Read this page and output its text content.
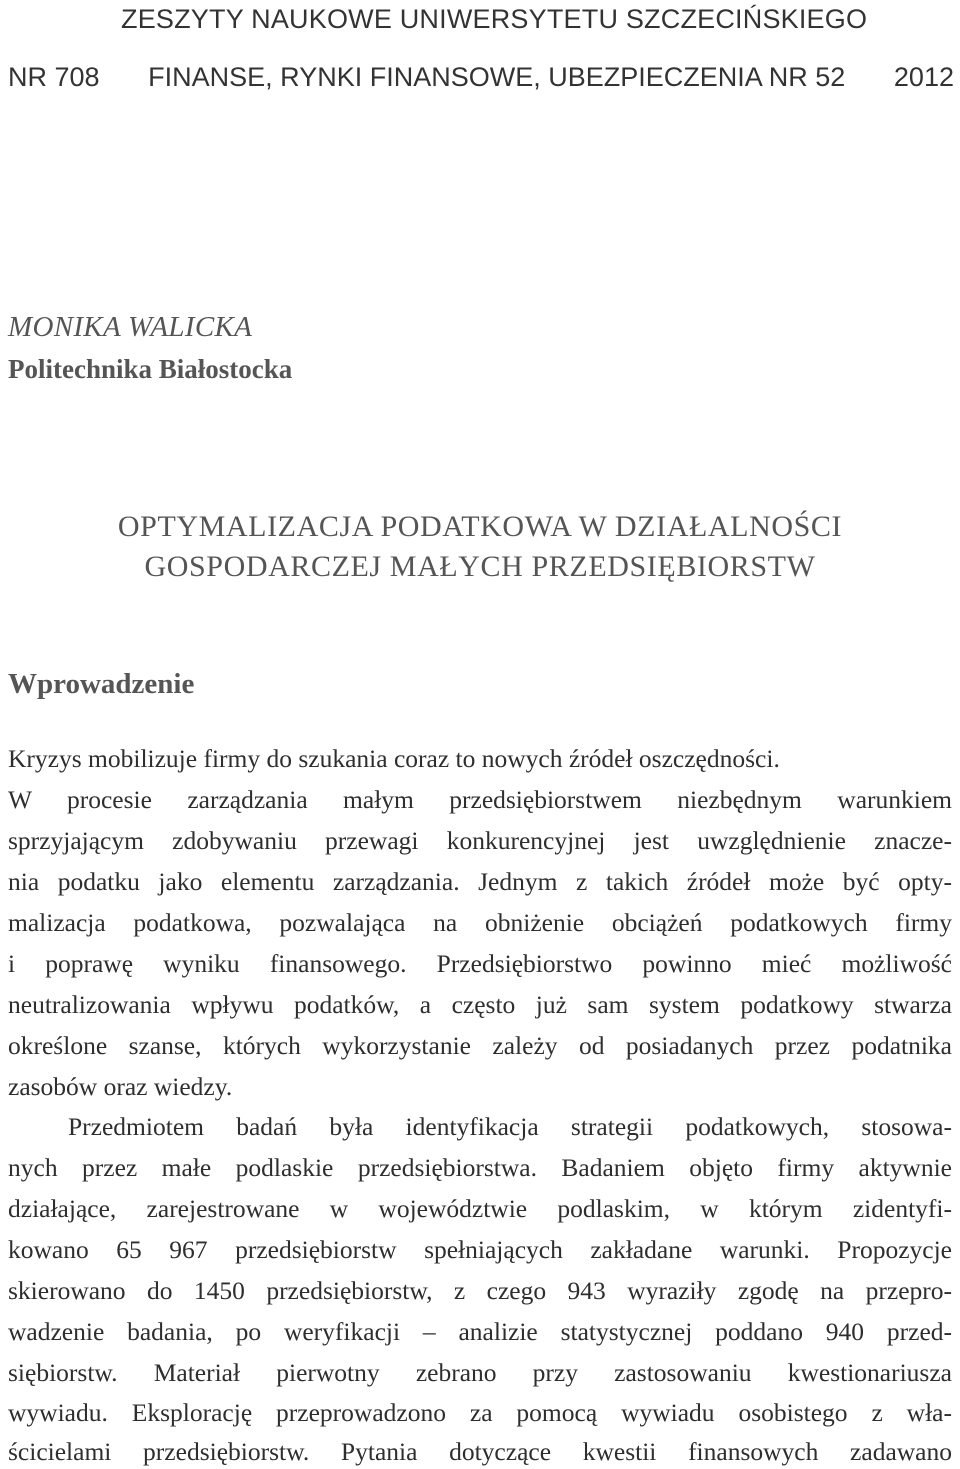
ZESZYTY NAUKOWE UNIWERSYTETU SZCZECIŃSKIEGO
NR 708 FINANSE, RYNKI FINANSOWE, UBEZPIECZENIA NR 52 2012
MONIKA WALICKA
Politechnika Białostocka
OPTYMALIZACJA PODATKOWA W DZIAŁALNOŚCI
GOSPODARCZEJ MAŁYCH PRZEDSIĘBIORSTW
Wprowadzenie
Kryzys mobilizuje firmy do szukania coraz to nowych źródeł oszczędności.
W procesie zarządzania małym przedsiębiorstwem niezbędnym warunkiem
sprzyjającym zdobywaniu przewagi konkurencyjnej jest uwzględnienie znacze-
nia podatku jako elementu zarządzania. Jednym z takich źródeł może być opty-
malizacja podatkowa, pozwalająca na obniżenie obciążeń podatkowych firmy
i poprawę wyniku finansowego. Przedsiębiorstwo powinno mieć możliwość
neutralizowania wpływu podatków, a często już sam system podatkowy stwarza
określone szanse, których wykorzystanie zależy od posiadanych przez podatnika
zasobów oraz wiedzy.
Przedmiotem badań była identyfikacja strategii podatkowych, stosowa-
nych przez małe podlaskie przedsiębiorstwa. Badaniem objęto firmy aktywnie
działające, zarejestrowane w województwie podlaskim, w którym zidentyfi-
kowano 65 967 przedsiębiorstw spełniających zakładane warunki. Propozycje
skierowano do 1450 przedsiębiorstw, z czego 943 wyraziły zgodę na przepro-
wadzenie badania, po weryfikacji – analizie statystycznej poddano 940 przed-
siębiorstw. Materiał pierwotny zebrano przy zastosowaniu kwestionariusza
wywiadu. Eksplorację przeprowadzono za pomocą wywiadu osobistego z wła-
ścicielami przedsiębiorstw. Pytania dotyczące kwestii finansowych zadawano
